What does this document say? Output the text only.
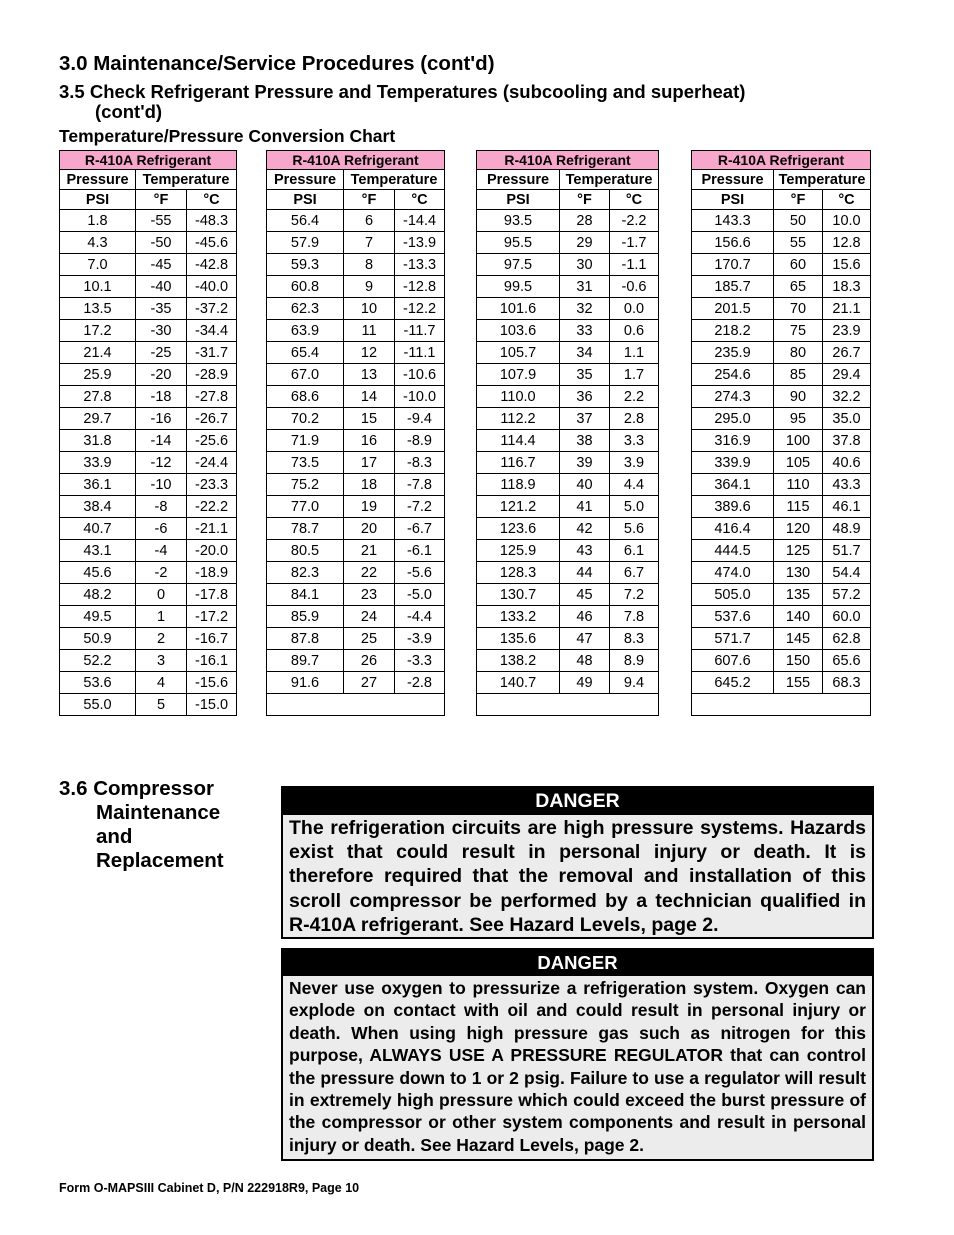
3.0 Maintenance/Service Procedures (cont'd)
3.5 Check Refrigerant Pressure and Temperatures (subcooling and superheat)
(cont'd)
Temperature/Pressure Conversion Chart
R-410A Refrigerant		
Pressure	Temperature	
PSI	°F	°C
1.8	-55	-48.3
4.3	-50	-45.6
7.0	-45	-42.8
10.1	-40	-40.0
13.5	-35	-37.2
17.2	-30	-34.4
21.4	-25	-31.7
25.9	-20	-28.9
27.8	-18	-27.8
29.7	-16	-26.7
31.8	-14	-25.6
33.9	-12	-24.4
36.1	-10	-23.3
38.4	-8	-22.2
40.7	-6	-21.1
43.1	-4	-20.0
45.6	-2	-18.9
48.2	0	-17.8
49.5	1	-17.2
50.9	2	-16.7
52.2	3	-16.1
53.6	4	-15.6
55.0	5	-15.0
R-410A Refrigerant		
Pressure	Temperature	
PSI	°F	°C
56.4	6	-14.4
57.9	7	-13.9
59.3	8	-13.3
60.8	9	-12.8
62.3	10	-12.2
63.9	11	-11.7
65.4	12	-11.1
67.0	13	-10.6
68.6	14	-10.0
70.2	15	-9.4
71.9	16	-8.9
73.5	17	-8.3
75.2	18	-7.8
77.0	19	-7.2
78.7	20	-6.7
80.5	21	-6.1
82.3	22	-5.6
84.1	23	-5.0
85.9	24	-4.4
87.8	25	-3.9
89.7	26	-3.3
91.6	27	-2.8

R-410A Refrigerant		
Pressure	Temperature	
PSI	°F	°C
93.5	28	-2.2
95.5	29	-1.7
97.5	30	-1.1
99.5	31	-0.6
101.6	32	0.0
103.6	33	0.6
105.7	34	1.1
107.9	35	1.7
110.0	36	2.2
112.2	37	2.8
114.4	38	3.3
116.7	39	3.9
118.9	40	4.4
121.2	41	5.0
123.6	42	5.6
125.9	43	6.1
128.3	44	6.7
130.7	45	7.2
133.2	46	7.8
135.6	47	8.3
138.2	48	8.9
140.7	49	9.4

R-410A Refrigerant		
Pressure	Temperature	
PSI	°F	°C
143.3	50	10.0
156.6	55	12.8
170.7	60	15.6
185.7	65	18.3
201.5	70	21.1
218.2	75	23.9
235.9	80	26.7
254.6	85	29.4
274.3	90	32.2
295.0	95	35.0
316.9	100	37.8
339.9	105	40.6
364.1	110	43.3
389.6	115	46.1
416.4	120	48.9
444.5	125	51.7
474.0	130	54.4
505.0	135	57.2
537.6	140	60.0
571.7	145	62.8
607.6	150	65.6
645.2	155	68.3

3.6 Compressor
Maintenance
and
Replacement
DANGER
The refrigeration circuits are high pressure systems. Hazards exist that could result in personal injury or death. It is therefore required that the removal and installation of this scroll compressor be performed by a technician qualified in R-410A refrigerant. See Hazard Levels, page 2.
DANGER
Never use oxygen to pressurize a refrigeration system. Oxygen can explode on contact with oil and could result in personal injury or death. When using high pressure gas such as nitrogen for this purpose, ALWAYS USE A PRESSURE REGULATOR that can control the pressure down to 1 or 2 psig. Failure to use a regulator will result in extremely high pressure which could exceed the burst pressure of the compressor or other system components and result in personal injury or death. See Hazard Levels, page 2.
Form O-MAPSIII Cabinet D, P/N 222918R9, Page 10
